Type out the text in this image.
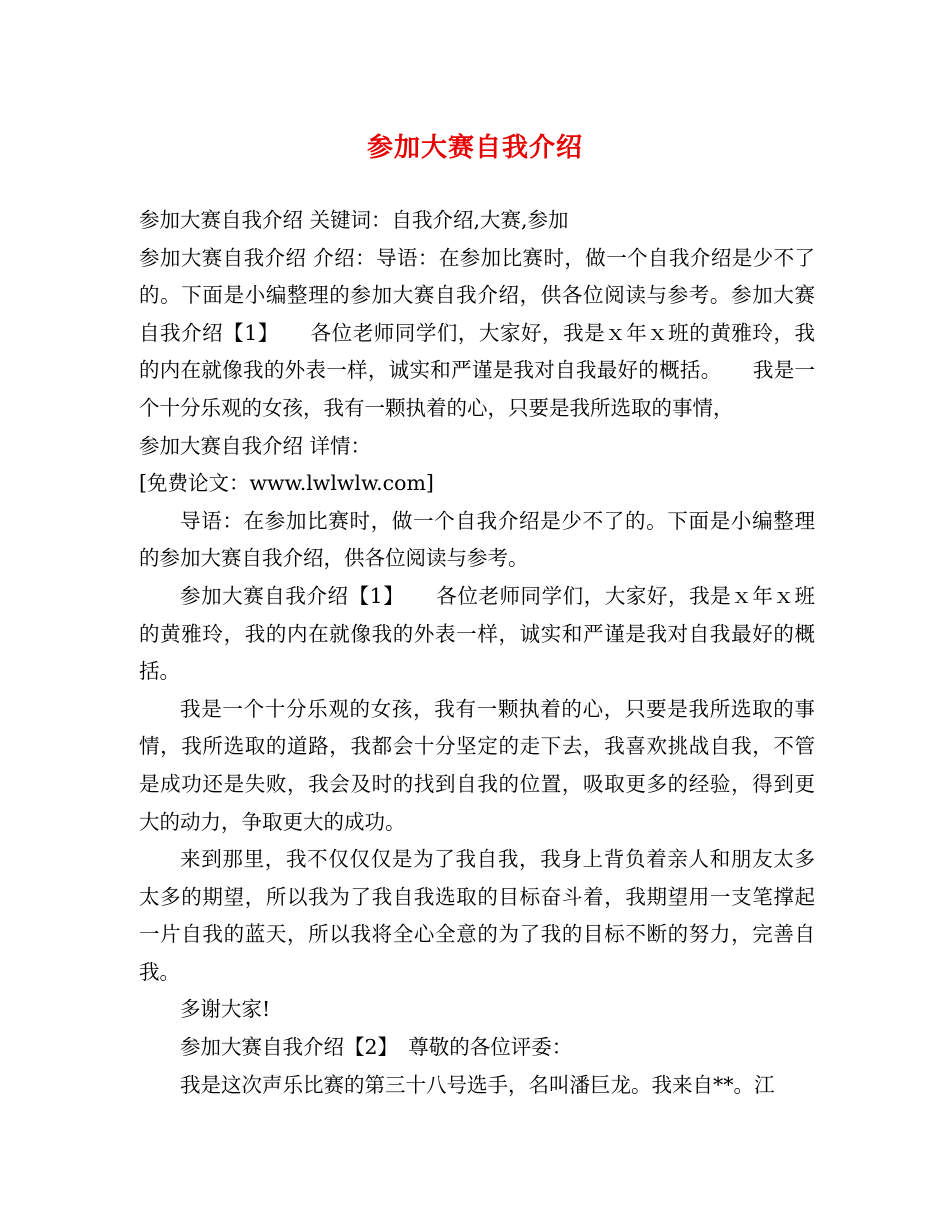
参加大赛自我介绍

参加大赛自我介绍 关键词：自我介绍,大赛,参加

参加大赛自我介绍 介绍：导语：在参加比赛时，做一个自我介绍是少不了的。下面是小编整理的参加大赛自我介绍，供各位阅读与参考。参加大赛自我介绍【1】　　各位老师同学们，大家好，我是ｘ年ｘ班的黄雅玲，我的内在就像我的外表一样，诚实和严谨是我对自我最好的概括。　　我是一个十分乐观的女孩，我有一颗执着的心，只要是我所选取的事情，

参加大赛自我介绍 详情：

[免费论文：www.lwlwlw.com]

导语：在参加比赛时，做一个自我介绍是少不了的。下面是小编整理的参加大赛自我介绍，供各位阅读与参考。

参加大赛自我介绍【1】　　各位老师同学们，大家好，我是ｘ年ｘ班的黄雅玲，我的内在就像我的外表一样，诚实和严谨是我对自我最好的概括。

我是一个十分乐观的女孩，我有一颗执着的心，只要是我所选取的事情，我所选取的道路，我都会十分坚定的走下去，我喜欢挑战自我，不管是成功还是失败，我会及时的找到自我的位置，吸取更多的经验，得到更大的动力，争取更大的成功。

来到那里，我不仅仅仅是为了我自我，我身上背负着亲人和朋友太多太多的期望，所以我为了我自我选取的目标奋斗着，我期望用一支笔撑起一片自我的蓝天，所以我将全心全意的为了我的目标不断的努力，完善自我。

多谢大家!

参加大赛自我介绍【2】　尊敬的各位评委：

我是这次声乐比赛的第三十八号选手，名叫潘巨龙。我来自**。江
